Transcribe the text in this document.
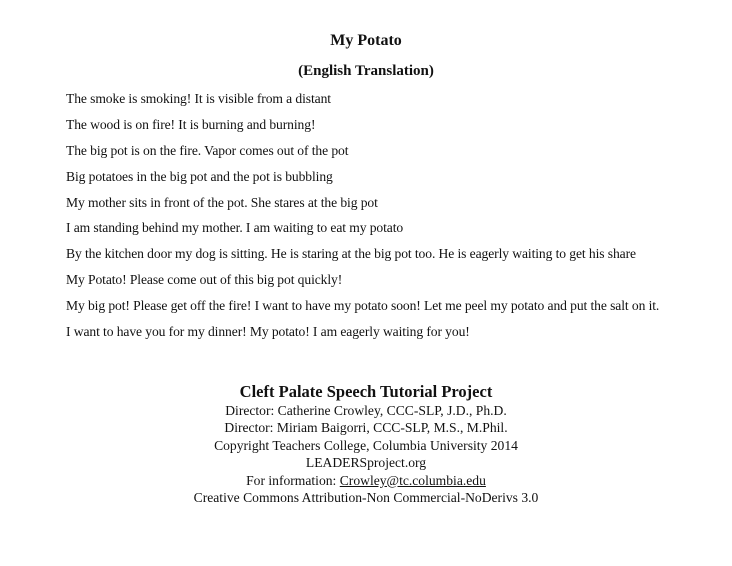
My Potato
(English Translation)
The smoke is smoking! It is visible from a distant
The wood is on fire! It is burning and burning!
The big pot is on the fire. Vapor comes out of the pot
Big potatoes in the big pot and the pot is bubbling
My mother sits in front of the pot. She stares at the big pot
I am standing behind my mother. I am waiting to eat my potato
By the kitchen door my dog is sitting. He is staring at the big pot too. He is eagerly waiting to get his share
My Potato! Please come out of this big pot quickly!
My big pot! Please get off the fire! I want to have my potato soon! Let me peel my potato and put the salt on it.
I want to have you for my dinner! My potato! I am eagerly waiting for you!
Cleft Palate Speech Tutorial Project
Director: Catherine Crowley, CCC-SLP, J.D., Ph.D.
Director: Miriam Baigorri, CCC-SLP, M.S., M.Phil.
Copyright Teachers College, Columbia University 2014
LEADERSproject.org
For information: Crowley@tc.columbia.edu
Creative Commons Attribution-Non Commercial-NoDerivs 3.0
